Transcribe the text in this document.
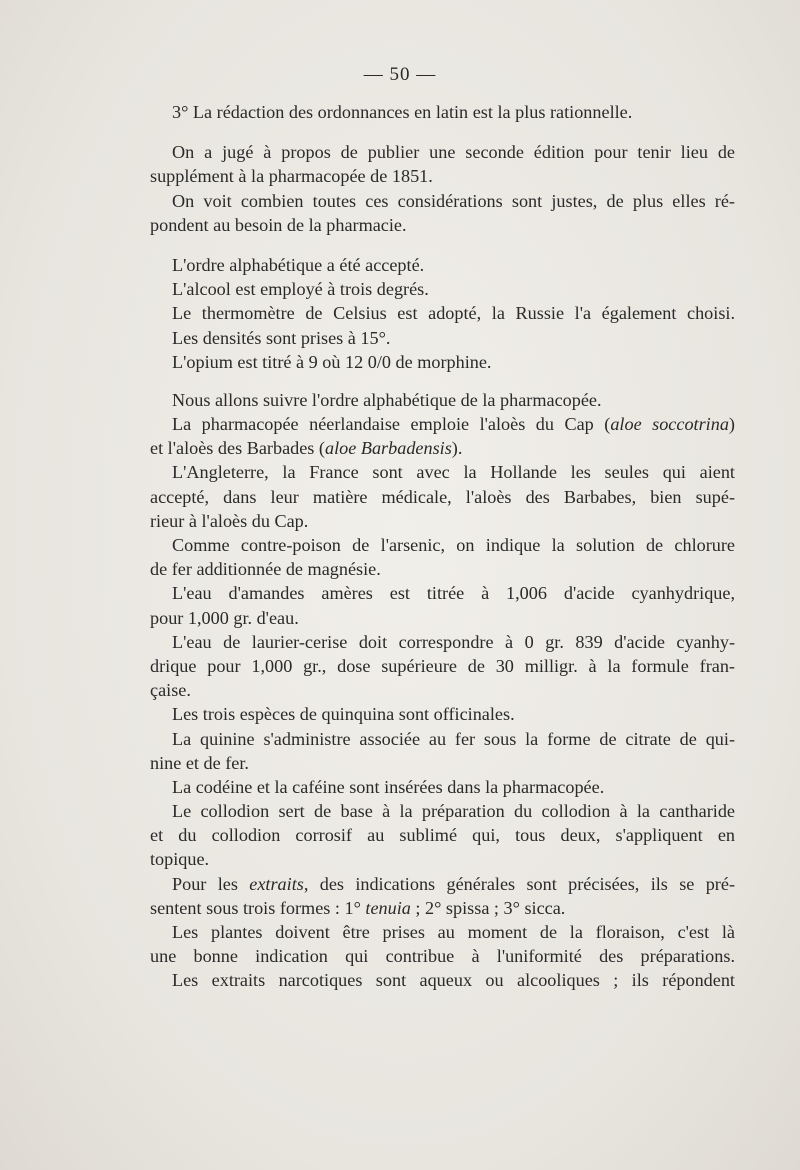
— 50 —
3° La rédaction des ordonnances en latin est la plus rationnelle.
On a jugé à propos de publier une seconde édition pour tenir lieu de
supplément à la pharmacopée de 1851.
On voit combien toutes ces considérations sont justes, de plus elles ré-
pondent au besoin de la pharmacie.
L'ordre alphabétique a été accepté.
L'alcool est employé à trois degrés.
Le thermomètre de Celsius est adopté, la Russie l'a également choisi.
Les densités sont prises à 15°.
L'opium est titré à 9 où 12 0/0 de morphine.
Nous allons suivre l'ordre alphabétique de la pharmacopée.
La pharmacopée néerlandaise emploie l'aloès du Cap (aloe soccotrina)
et l'aloès des Barbades (aloe Barbadensis).
L'Angleterre, la France sont avec la Hollande les seules qui aient
accepté, dans leur matière médicale, l'aloès des Barbabes, bien supé-
rieur à l'aloès du Cap.
Comme contre-poison de l'arsenic, on indique la solution de chlorure
de fer additionnée de magnésie.
L'eau d'amandes amères est titrée à 1,006 d'acide cyanhydrique,
pour 1,000 gr. d'eau.
L'eau de laurier-cerise doit correspondre à 0 gr. 839 d'acide cyanhy-
drique pour 1,000 gr., dose supérieure de 30 milligr. à la formule fran-
çaise.
Les trois espèces de quinquina sont officinales.
La quinine s'administre associée au fer sous la forme de citrate de qui-
nine et de fer.
La codéine et la caféine sont insérées dans la pharmacopée.
Le collodion sert de base à la préparation du collodion à la cantharide
et du collodion corrosif au sublimé qui, tous deux, s'appliquent en
topique.
Pour les extraits, des indications générales sont précisées, ils se pré-
sentent sous trois formes : 1° tenuia ; 2° spissa ; 3° sicca.
Les plantes doivent être prises au moment de la floraison, c'est là
une bonne indication qui contribue à l'uniformité des préparations.
Les extraits narcotiques sont aqueux ou alcooliques ; ils répondent
